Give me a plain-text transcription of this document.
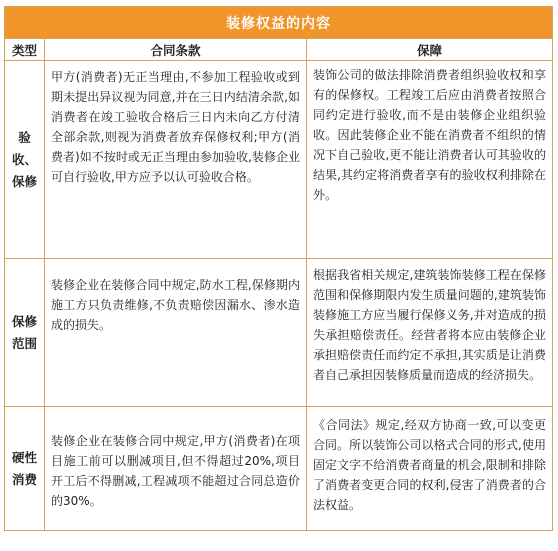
装修权益的内容		
类型	合同条款	保障

验
收、
保修	甲方(消费者)无正当理由,不参加工程验收或到期未提出异议视为同意,并在三日内结清余款,如消费者在竣工验收合格后三日内未向乙方付清全部余款,则视为消费者放弃保修权利;甲方(消费者)如不按时或无正当理由参加验收,装修企业可自行验收,甲方应予以认可验收合格。	装饰公司的做法排除消费者组织验收权和享有的保修权。工程竣工后应由消费者按照合同约定进行验收,而不是由装修企业组织验收。因此装修企业不能在消费者不组织的情况下自己验收,更不能让消费者认可其验收的结果,其约定将消费者享有的验收权利排除在外。

保修
范围	装修企业在装修合同中规定,防水工程,保修期内施工方只负责维修,不负责赔偿因漏水、渗水造成的损失。	根据我省相关规定,建筑装饰装修工程在保修范围和保修期限内发生质量问题的,建筑装饰装修施工方应当履行保修义务,并对造成的损失承担赔偿责任。经营者将本应由装修企业承担赔偿责任而约定不承担,其实质是让消费者自己承担因装修质量而造成的经济损失。

硬性
消费	装修企业在装修合同中规定,甲方(消费者)在项目施工前可以删减项目,但不得超过20%,项目开工后不得删减,工程减项不能超过合同总造价的30%。	《合同法》规定,经双方协商一致,可以变更合同。所以装饰公司以格式合同的形式,使用固定文字不给消费者商量的机会,限制和排除了消费者变更合同的权利,侵害了消费者的合法权益。
